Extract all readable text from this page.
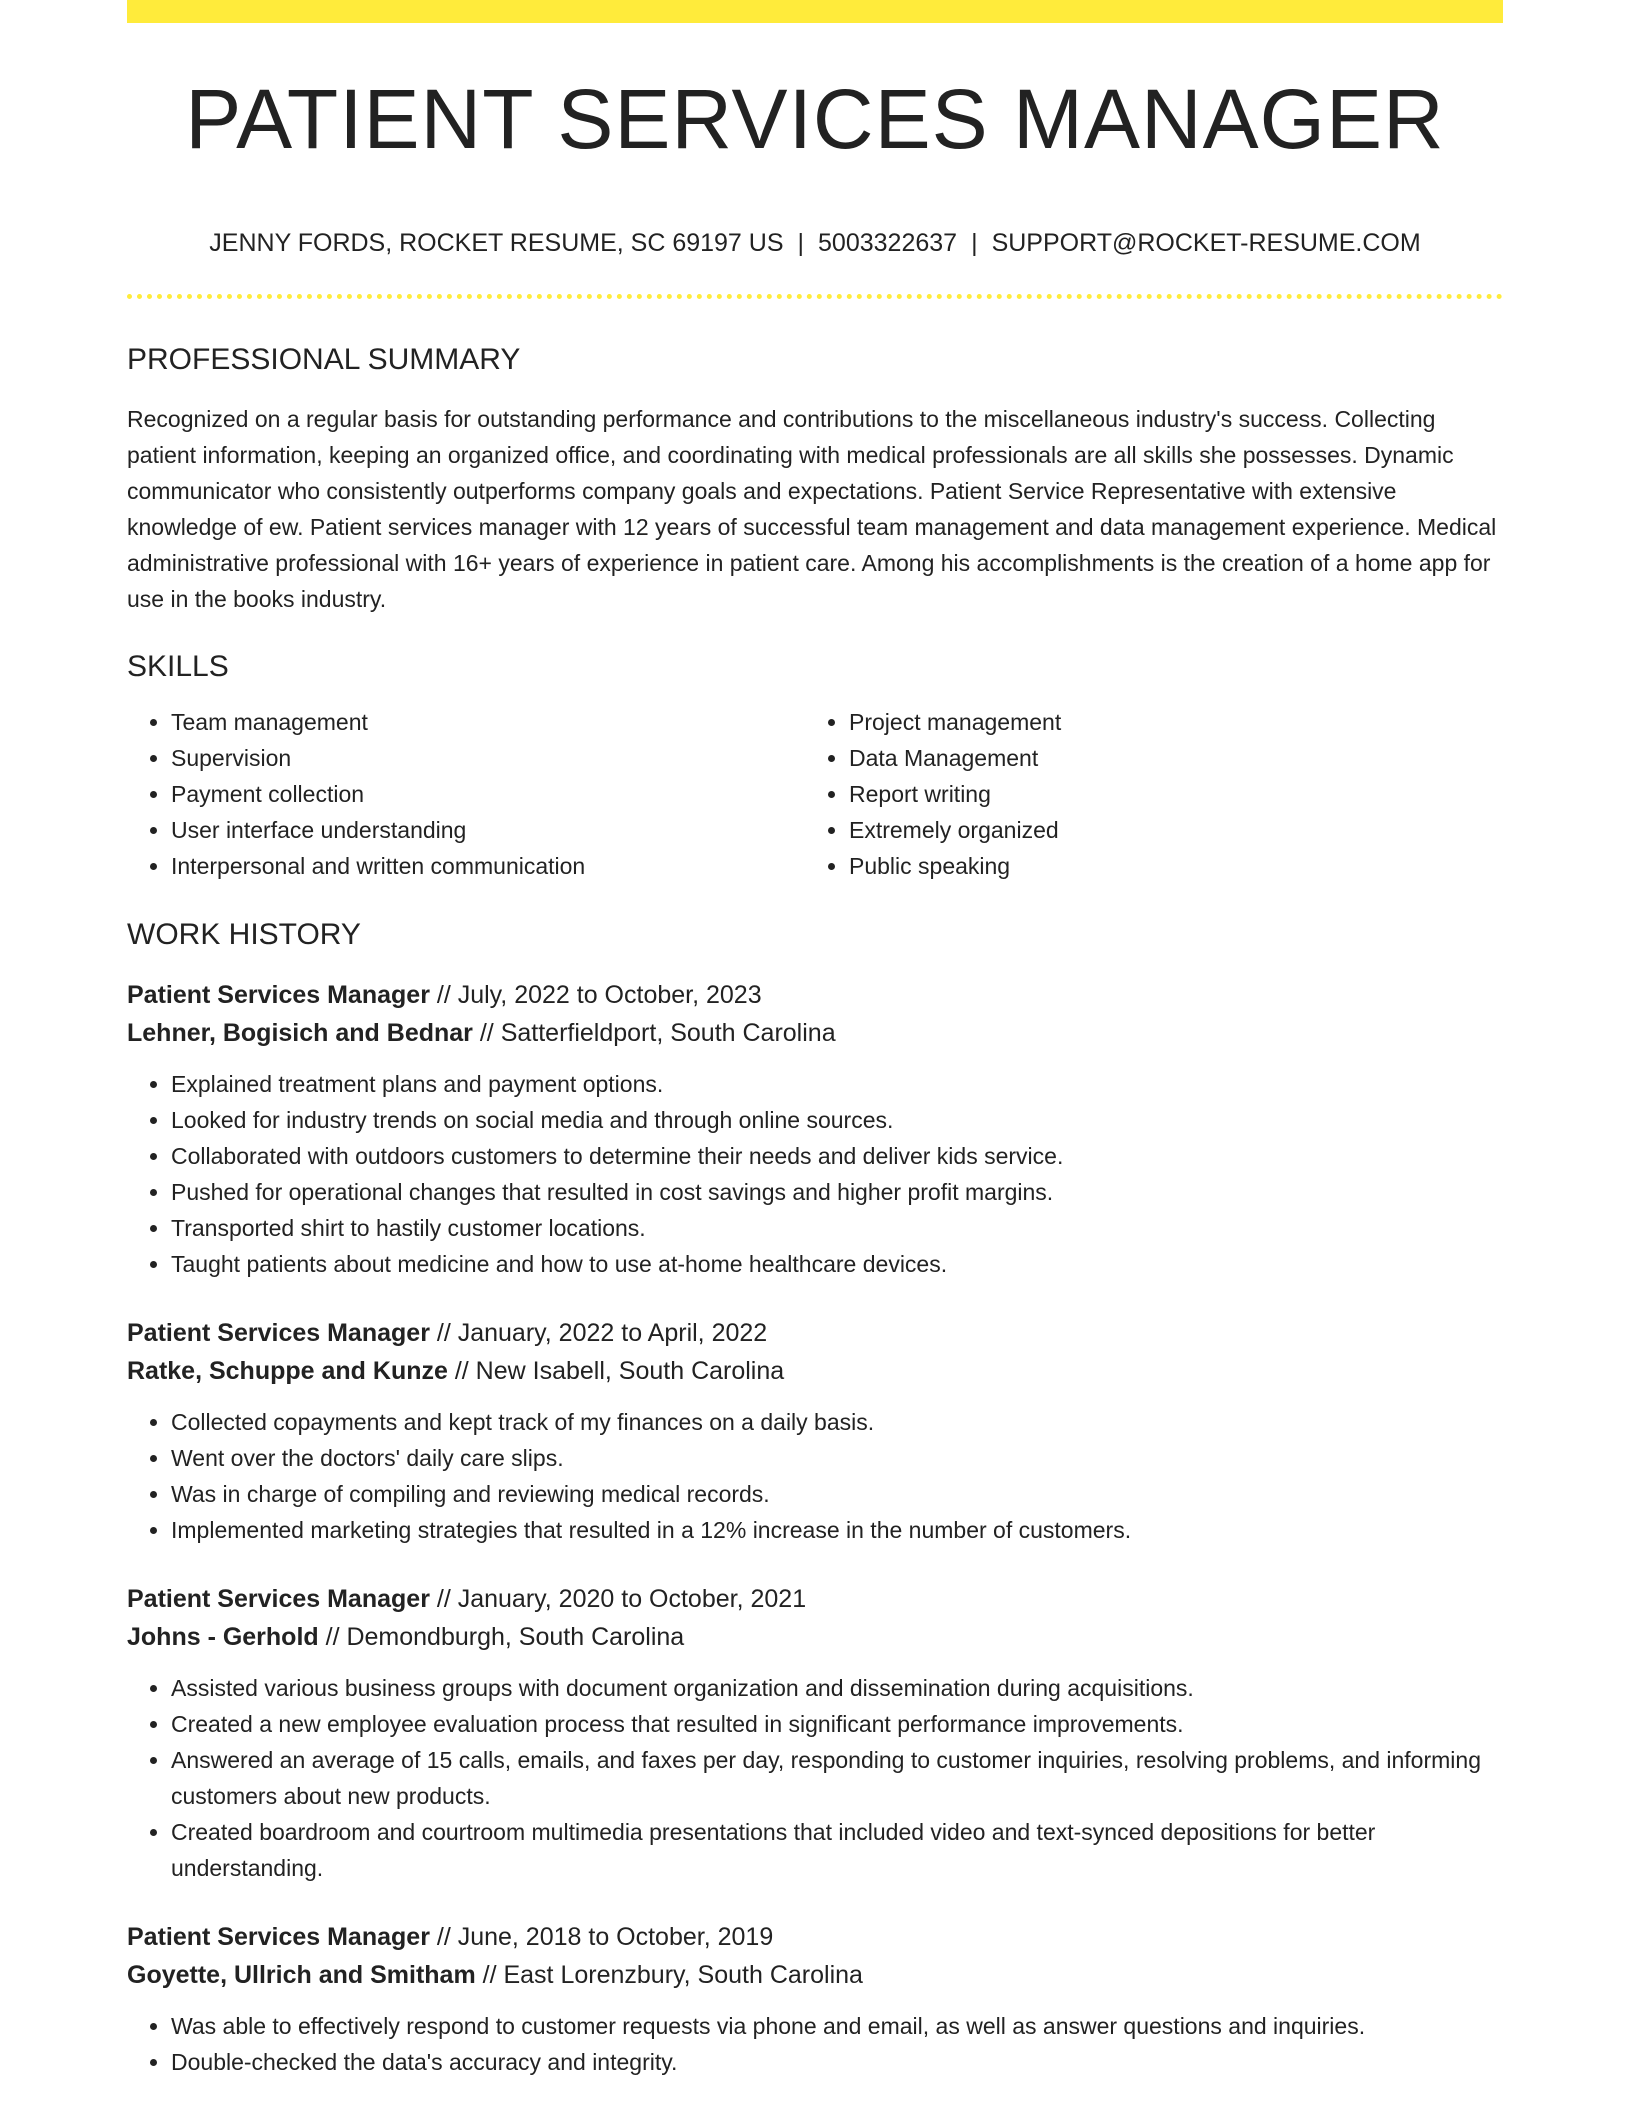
PATIENT SERVICES MANAGER
JENNY FORDS, ROCKET RESUME, SC 69197 US | 5003322637 | SUPPORT@ROCKET-RESUME.COM
PROFESSIONAL SUMMARY

Recognized on a regular basis for outstanding performance and contributions to the miscellaneous industry's success. Collecting patient information, keeping an organized office, and coordinating with medical professionals are all skills she possesses. Dynamic communicator who consistently outperforms company goals and expectations. Patient Service Representative with extensive knowledge of ew. Patient services manager with 12 years of successful team management and data management experience. Medical administrative professional with 16+ years of experience in patient care. Among his accomplishments is the creation of a home app for use in the books industry.

SKILLS
• Team management
• Supervision
• Payment collection
• User interface understanding
• Interpersonal and written communication
• Project management
• Data Management
• Report writing
• Extremely organized
• Public speaking
WORK HISTORY
Patient Services Manager // July, 2022 to October, 2023
Lehner, Bogisich and Bednar // Satterfieldport, South Carolina
• Explained treatment plans and payment options.
• Looked for industry trends on social media and through online sources.
• Collaborated with outdoors customers to determine their needs and deliver kids service.
• Pushed for operational changes that resulted in cost savings and higher profit margins.
• Transported shirt to hastily customer locations.
• Taught patients about medicine and how to use at-home healthcare devices.
Patient Services Manager // January, 2022 to April, 2022
Ratke, Schuppe and Kunze // New Isabell, South Carolina
• Collected copayments and kept track of my finances on a daily basis.
• Went over the doctors' daily care slips.
• Was in charge of compiling and reviewing medical records.
• Implemented marketing strategies that resulted in a 12% increase in the number of customers.
Patient Services Manager // January, 2020 to October, 2021
Johns - Gerhold // Demondburgh, South Carolina
• Assisted various business groups with document organization and dissemination during acquisitions.
• Created a new employee evaluation process that resulted in significant performance improvements.
• Answered an average of 15 calls, emails, and faxes per day, responding to customer inquiries, resolving problems, and informing customers about new products.
• Created boardroom and courtroom multimedia presentations that included video and text-synced depositions for better understanding.
Patient Services Manager // June, 2018 to October, 2019
Goyette, Ullrich and Smitham // East Lorenzbury, South Carolina
• Was able to effectively respond to customer requests via phone and email, as well as answer questions and inquiries.
• Double-checked the data's accuracy and integrity.
